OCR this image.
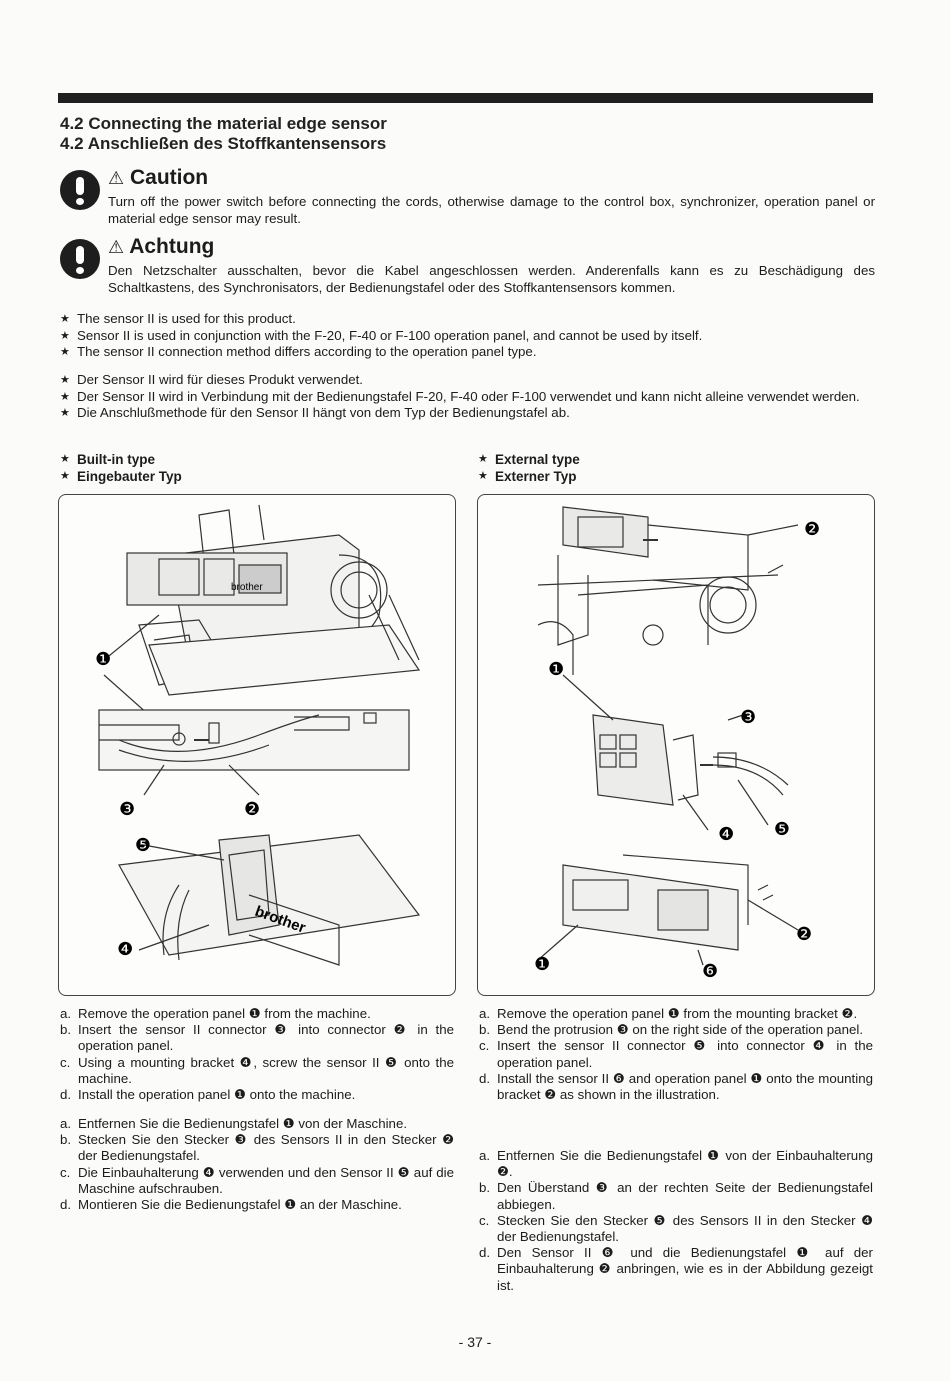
4.2 Connecting the material edge sensor
4.2 Anschließen des Stoffkantensensors
⚠ Caution
Turn off the power switch before connecting the cords, otherwise damage to the control box, synchronizer, operation panel or material edge sensor may result.
⚠ Achtung
Den Netzschalter ausschalten, bevor die Kabel angeschlossen werden. Anderenfalls kann es zu Beschädigung des Schaltkastens, des Synchronisators, der Bedienungstafel oder des Stoffkantensensors kommen.
★ The sensor II is used for this product.
★ Sensor II is used in conjunction with the F-20, F-40 or F-100 operation panel, and cannot be used by itself.
★ The sensor II connection method differs according to the operation panel type.
★ Der Sensor II wird für dieses Produkt verwendet.
★ Der Sensor II wird in Verbindung mit der Bedienungstafel F-20, F-40 oder F-100 verwendet und kann nicht alleine verwendet werden.
★ Die Anschlußmethode für den Sensor II hängt von dem Typ der Bedienungstafel ab.
★ Built-in type
★ Eingebauter Typ
★ External type
★ Externer Typ
brother
brother
❶
❸	❷
❺
❹
❷
❶
❸
❹ ❺
❷
❶	❻
a. Remove the operation panel ❶ from the machine.
b. Insert the sensor II connector ❸ into connector ❷ in the operation panel.
c. Using a mounting bracket ❹, screw the sensor II ❺ onto the machine.
d. Install the operation panel ❶ onto the machine.
a. Entfernen Sie die Bedienungstafel ❶ von der Maschine.
b. Stecken Sie den Stecker ❸ des Sensors II in den Stecker ❷ der Bedienungstafel.
c. Die Einbauhalterung ❹ verwenden und den Sensor II ❺ auf die Maschine aufschrauben.
d. Montieren Sie die Bedienungstafel ❶ an der Maschine.
a. Remove the operation panel ❶ from the mounting bracket ❷.
b. Bend the protrusion ❸ on the right side of the operation panel.
c. Insert the sensor II connector ❺ into connector ❹ in the operation panel.
d. Install the sensor II ❻ and operation panel ❶ onto the mounting bracket ❷ as shown in the illustration.
a. Entfernen Sie die Bedienungstafel ❶ von der Einbauhalterung ❷.
b. Den Überstand ❸ an der rechten Seite der Bedienungstafel abbiegen.
c. Stecken Sie den Stecker ❺ des Sensors II in den Stecker ❹ der Bedienungstafel.
d. Den Sensor II ❻ und die Bedienungstafel ❶ auf der Einbauhalterung ❷ anbringen, wie es in der Abbildung gezeigt ist.
- 37 -
